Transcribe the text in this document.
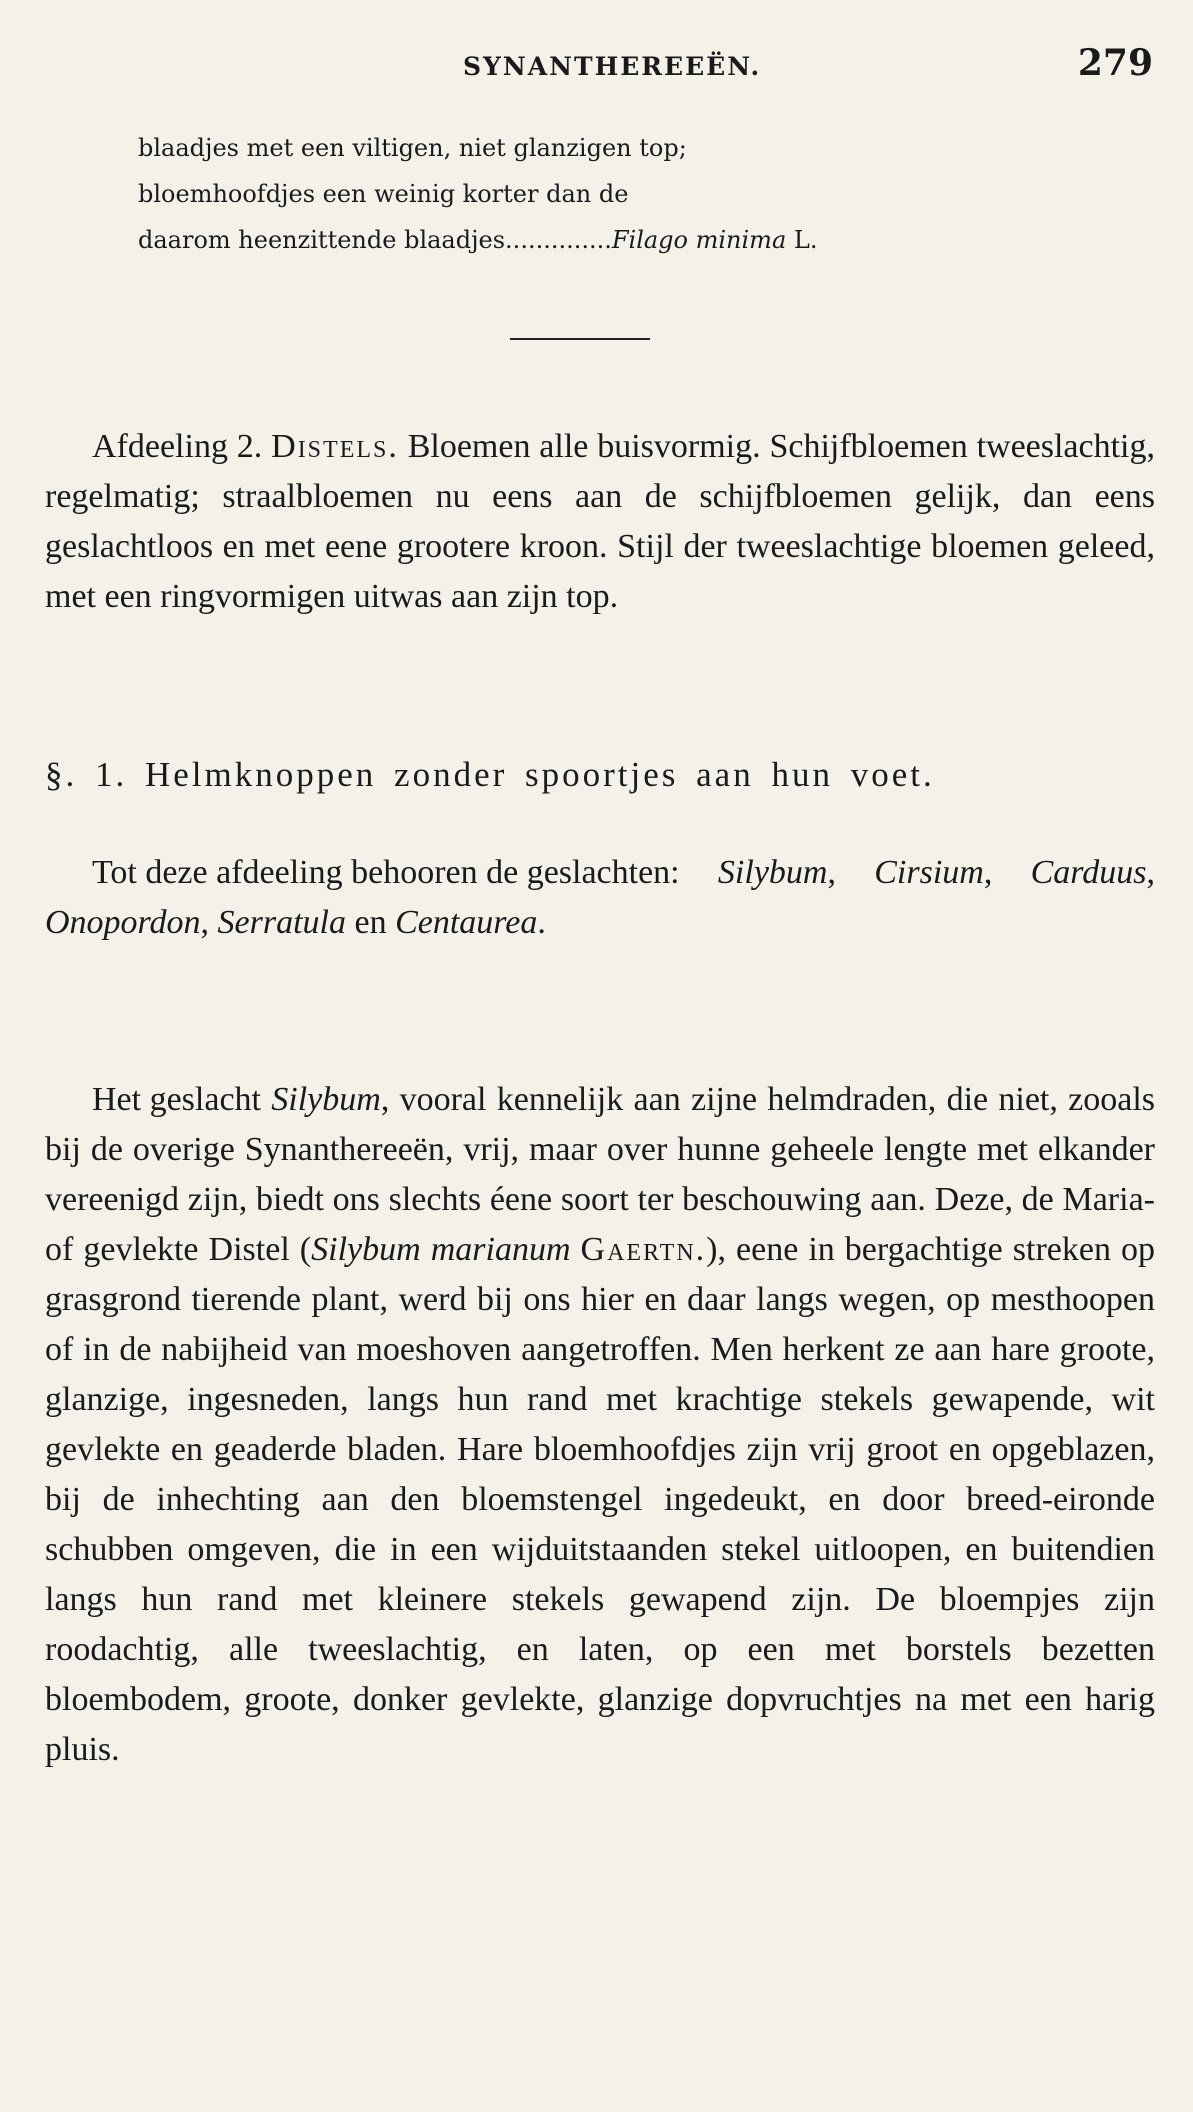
SYNANTHEREEËN.	279
blaadjes met een viltigen, niet glanzigen top;
bloemhoofdjes een weinig korter dan de
daarom heenzittende blaadjes.............. Filago minima L.
Afdeeling 2. Distels. Bloemen alle buisvormig. Schijfbloemen tweeslachtig, regelmatig; straalbloemen nu eens aan de schijfbloemen gelijk, dan eens geslachtloos en met eene grootere kroon. Stijl der tweeslachtige bloemen geleed, met een ringvormigen uitwas aan zijn top.
§. 1. Helmknoppen zonder spoortjes aan hun voet.
Tot deze afdeeling behooren de geslachten: Silybum, Cirsium, Carduus, Onopordon, Serratula en Centaurea.
Het geslacht Silybum, vooral kennelijk aan zijne helmdraden, die niet, zooals bij de overige Synanthereeën, vrij, maar over hunne geheele lengte met elkander vereenigd zijn, biedt ons slechts éene soort ter beschouwing aan. Deze, de Maria- of gevlekte Distel (Silybum marianum Gaertn.), eene in bergachtige streken op grasgrond tierende plant, werd bij ons hier en daar langs wegen, op mesthoopen of in de nabijheid van moeshoven aangetroffen. Men herkent ze aan hare groote, glanzige, ingesneden, langs hun rand met krachtige stekels gewapende, wit gevlekte en geaderde bladen. Hare bloemhoofdjes zijn vrij groot en opgeblazen, bij de inhechting aan den bloemstengel ingedeukt, en door breed-eironde schubben omgeven, die in een wijduitstaanden stekel uitloopen, en buitendien langs hun rand met kleinere stekels gewapend zijn. De bloempjes zijn roodachtig, alle tweeslachtig, en laten, op een met borstels bezetten bloembodem, groote, donker gevlekte, glanzige dopvruchtjes na met een harig pluis.
